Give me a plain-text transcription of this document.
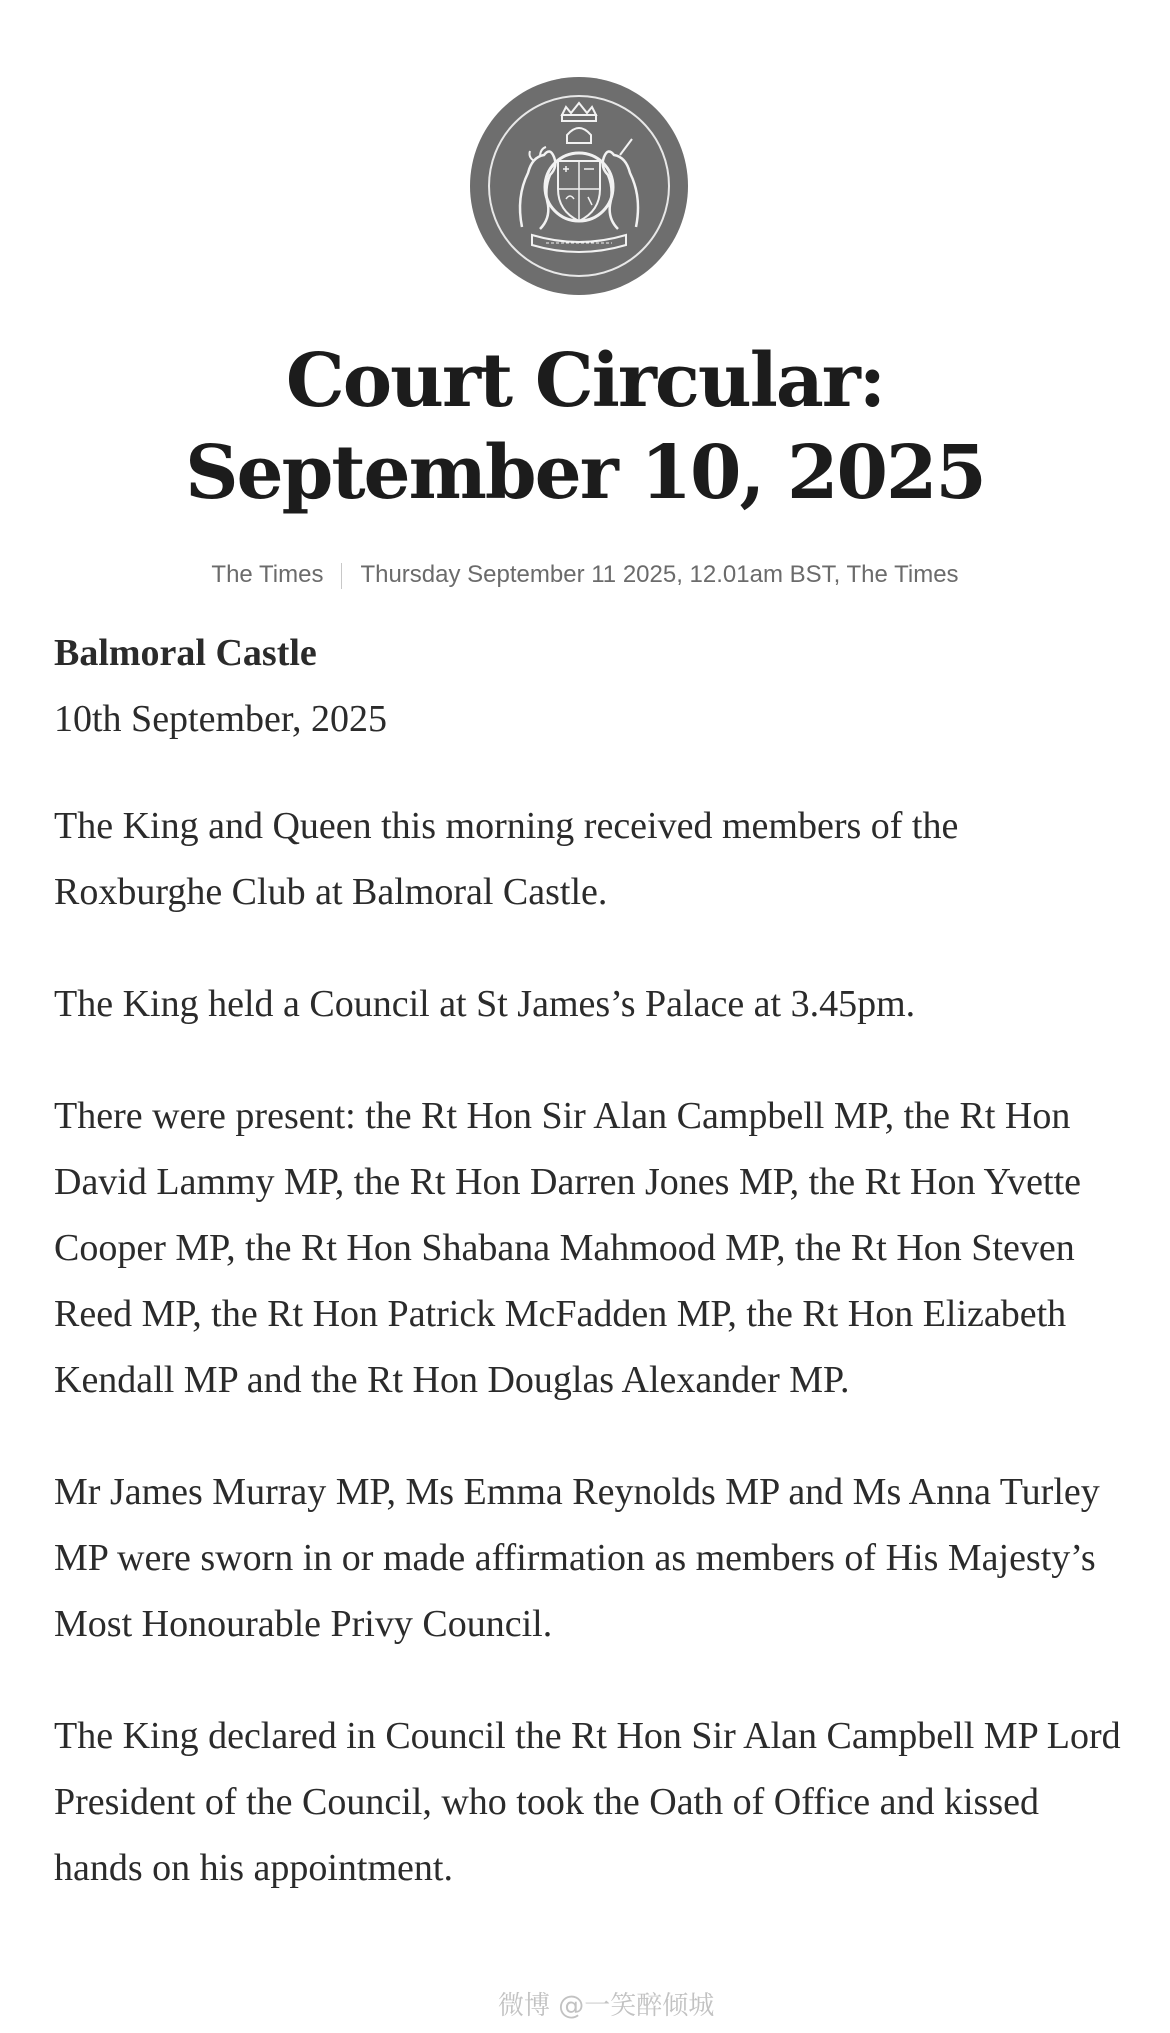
Court Circular: September 10, 2025
The Times Thursday September 11 2025, 12.01am BST, The Times
Balmoral Castle
10th September, 2025

The King and Queen this morning received members of the Roxburghe Club at Balmoral Castle.

The King held a Council at St James’s Palace at 3.45pm.

There were present: the Rt Hon Sir Alan Campbell MP, the Rt Hon David Lammy MP, the Rt Hon Darren Jones MP, the Rt Hon Yvette Cooper MP, the Rt Hon Shabana Mahmood MP, the Rt Hon Steven Reed MP, the Rt Hon Patrick McFadden MP, the Rt Hon Elizabeth Kendall MP and the Rt Hon Douglas Alexander MP.

Mr James Murray MP, Ms Emma Reynolds MP and Ms Anna Turley MP were sworn in or made affirmation as members of His Majesty’s Most Honourable Privy Council.

The King declared in Council the Rt Hon Sir Alan Campbell MP Lord President of the Council, who took the Oath of Office and kissed hands on his appointment.

微博 @一笑醉倾城
